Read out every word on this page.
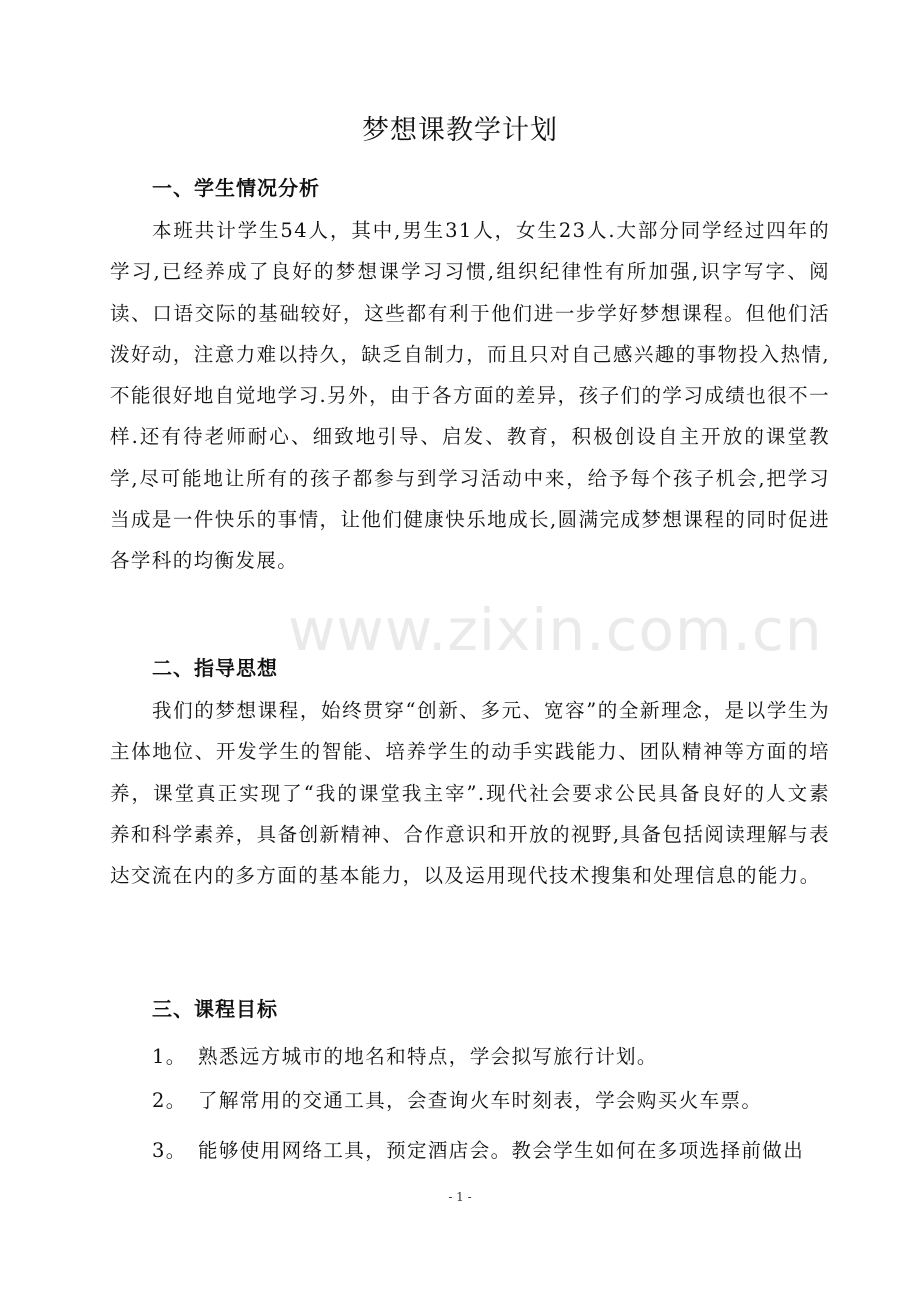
梦想课教学计划
一、学生情况分析
本班共计学生54人，其中,男生31人，女生23人.大部分同学经过四年的学习,已经养成了良好的梦想课学习习惯,组织纪律性有所加强,识字写字、阅读、口语交际的基础较好，这些都有利于他们进一步学好梦想课程。但他们活泼好动，注意力难以持久，缺乏自制力，而且只对自己感兴趣的事物投入热情,不能很好地自觉地学习.另外，由于各方面的差异，孩子们的学习成绩也很不一样.还有待老师耐心、细致地引导、启发、教育，积极创设自主开放的课堂教学,尽可能地让所有的孩子都参与到学习活动中来，给予每个孩子机会,把学习当成是一件快乐的事情，让他们健康快乐地成长,圆满完成梦想课程的同时促进各学科的均衡发展。
二、指导思想
我们的梦想课程，始终贯穿“创新、多元、宽容”的全新理念，是以学生为主体地位、开发学生的智能、培养学生的动手实践能力、团队精神等方面的培养，课堂真正实现了“我的课堂我主宰”.现代社会要求公民具备良好的人文素养和科学素养，具备创新精神、合作意识和开放的视野,具备包括阅读理解与表达交流在内的多方面的基本能力，以及运用现代技术搜集和处理信息的能力。
三、课程目标
1。 熟悉远方城市的地名和特点，学会拟写旅行计划。
2。 了解常用的交通工具，会查询火车时刻表，学会购买火车票。
3。 能够使用网络工具，预定酒店会。教会学生如何在多项选择前做出
www.zixin.com.cn
- 1 -
